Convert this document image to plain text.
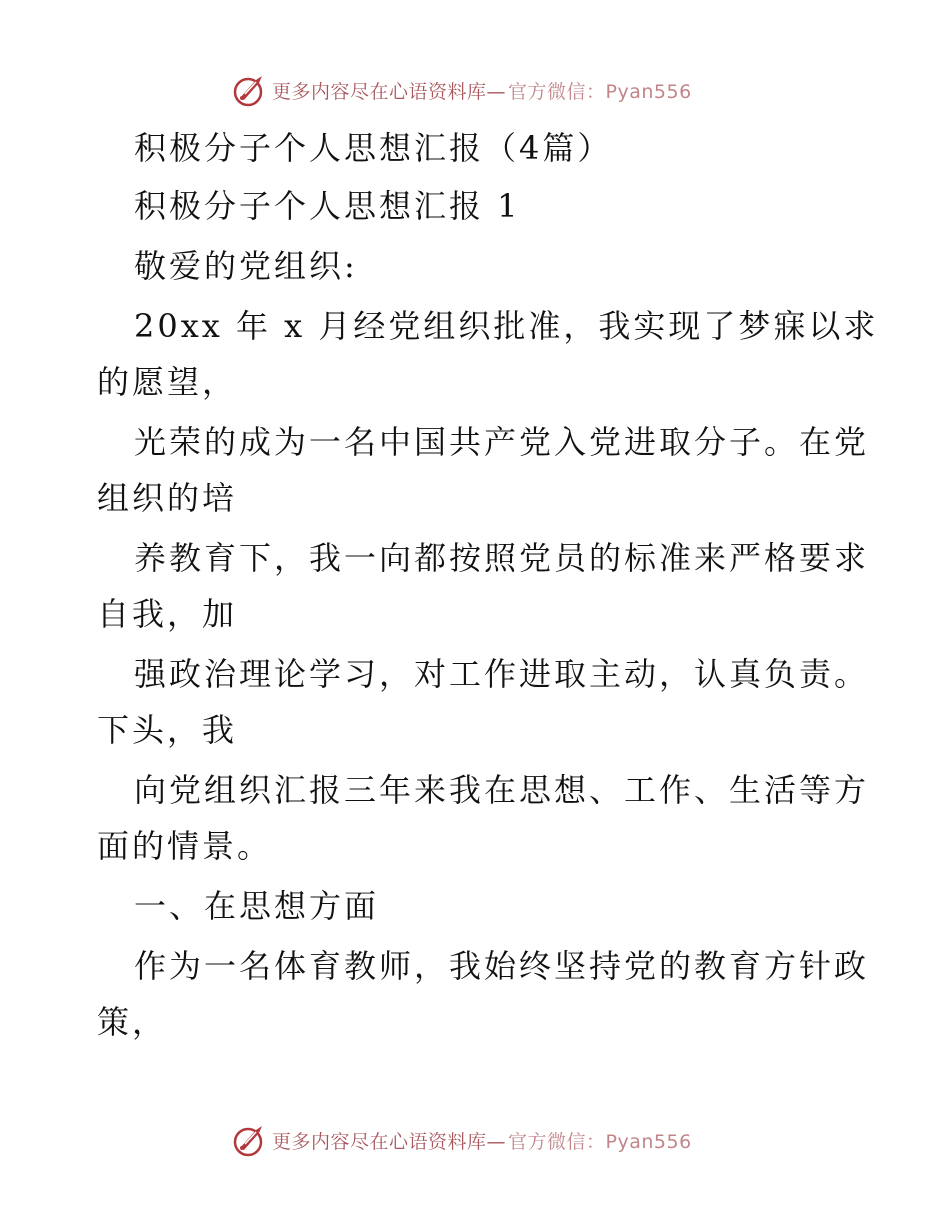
更多内容尽在心语资料库— 官方微信：Pyan556
积极分子个人思想汇报（4篇）
积极分子个人思想汇报 1
敬爱的党组织:
20xx 年 x 月经党组织批准，我实现了梦寐以求
的愿望，
光荣的成为一名中国共产党入党进取分子。在党
组织的培
养教育下，我一向都按照党员的标准来严格要求
自我，加
强政治理论学习，对工作进取主动，认真负责。
下头，我
向党组织汇报三年来我在思想、工作、生活等方
面的情景。
一、在思想方面
作为一名体育教师，我始终坚持党的教育方针政
策，
更多内容尽在心语资料库— 官方微信：Pyan556
